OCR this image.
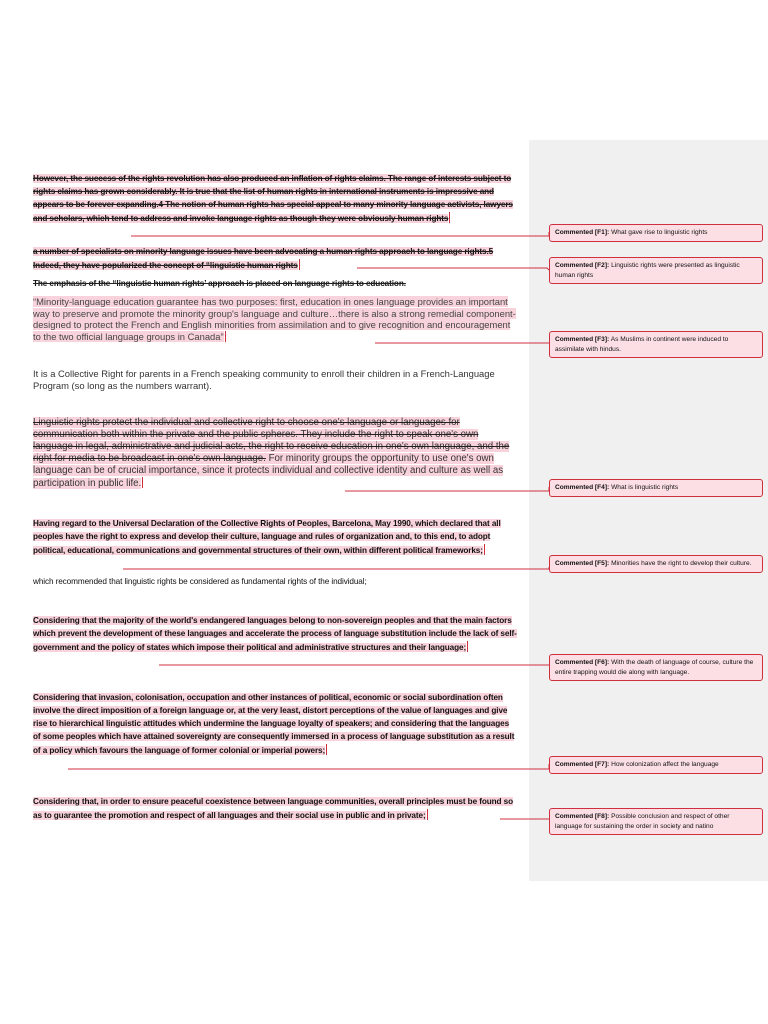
However, the success of the rights revolution has also produced an inflation of rights claims. The range of interests subject to rights claims has grown considerably. It is true that the list of human rights in international instruments is impressive and appears to be forever expanding.4 The notion of human rights has special appeal to many minority language activists, lawyers and scholars, which tend to address and invoke language rights as though they were obviously human rights
a number of specialists on minority language issues have been advocating a human rights approach to language rights.5 Indeed, they have popularized the concept of “linguistic human rights
The emphasis of the “linguistic human rights’ approach is placed on language rights to education.
“Minority-language education guarantee has two purposes: first, education in ones language provides an important way to preserve and promote the minority group's language and culture…there is also a strong remedial component-designed to protect the French and English minorities from assimilation and to give recognition and encouragement to the two official language groups in Canada”
It is a Collective Right for parents in a French speaking community to enroll their children in a French-Language Program (so long as the numbers warrant).
Linguistic rights protect the individual and collective right to choose one's language or languages for communication both within the private and the public spheres. They include the right to speak one's own language in legal, administrative and judicial acts, the right to receive education in one's own language, and the right for media to be broadcast in one's own language. For minority groups the opportunity to use one's own language can be of crucial importance, since it protects individual and collective identity and culture as well as participation in public life.
Having regard to the Universal Declaration of the Collective Rights of Peoples, Barcelona, May 1990, which declared that all peoples have the right to express and develop their culture, language and rules of organization and, to this end, to adopt political, educational, communications and governmental structures of their own, within different political frameworks;
which recommended that linguistic rights be considered as fundamental rights of the individual;
Considering that the majority of the world's endangered languages belong to non-sovereign peoples and that the main factors which prevent the development of these languages and accelerate the process of language substitution include the lack of self-government and the policy of states which impose their political and administrative structures and their language;
Considering that invasion, colonisation, occupation and other instances of political, economic or social subordination often involve the direct imposition of a foreign language or, at the very least, distort perceptions of the value of languages and give rise to hierarchical linguistic attitudes which undermine the language loyalty of speakers; and considering that the languages of some peoples which have attained sovereignty are consequently immersed in a process of language substitution as a result of a policy which favours the language of former colonial or imperial powers;
Considering that, in order to ensure peaceful coexistence between language communities, overall principles must be found so as to guarantee the promotion and respect of all languages and their social use in public and in private;
Commented [F1]: What gave rise to linguistic rights
Commented [F2]: Linguistic rights were presented as linguistic human rights
Commented [F3]: As Muslims in continent were induced to assimilate with hindus.
Commented [F4]: What is linguistic rights
Commented [F5]: Minorities have the right to develop their culture.
Commented [F6]: With the death of language of course, culture the entire trapping would die along with language.
Commented [F7]: How colonization affect the language
Commented [F8]: Possible conclusion and respect of other language for sustaining the order in society and natino
